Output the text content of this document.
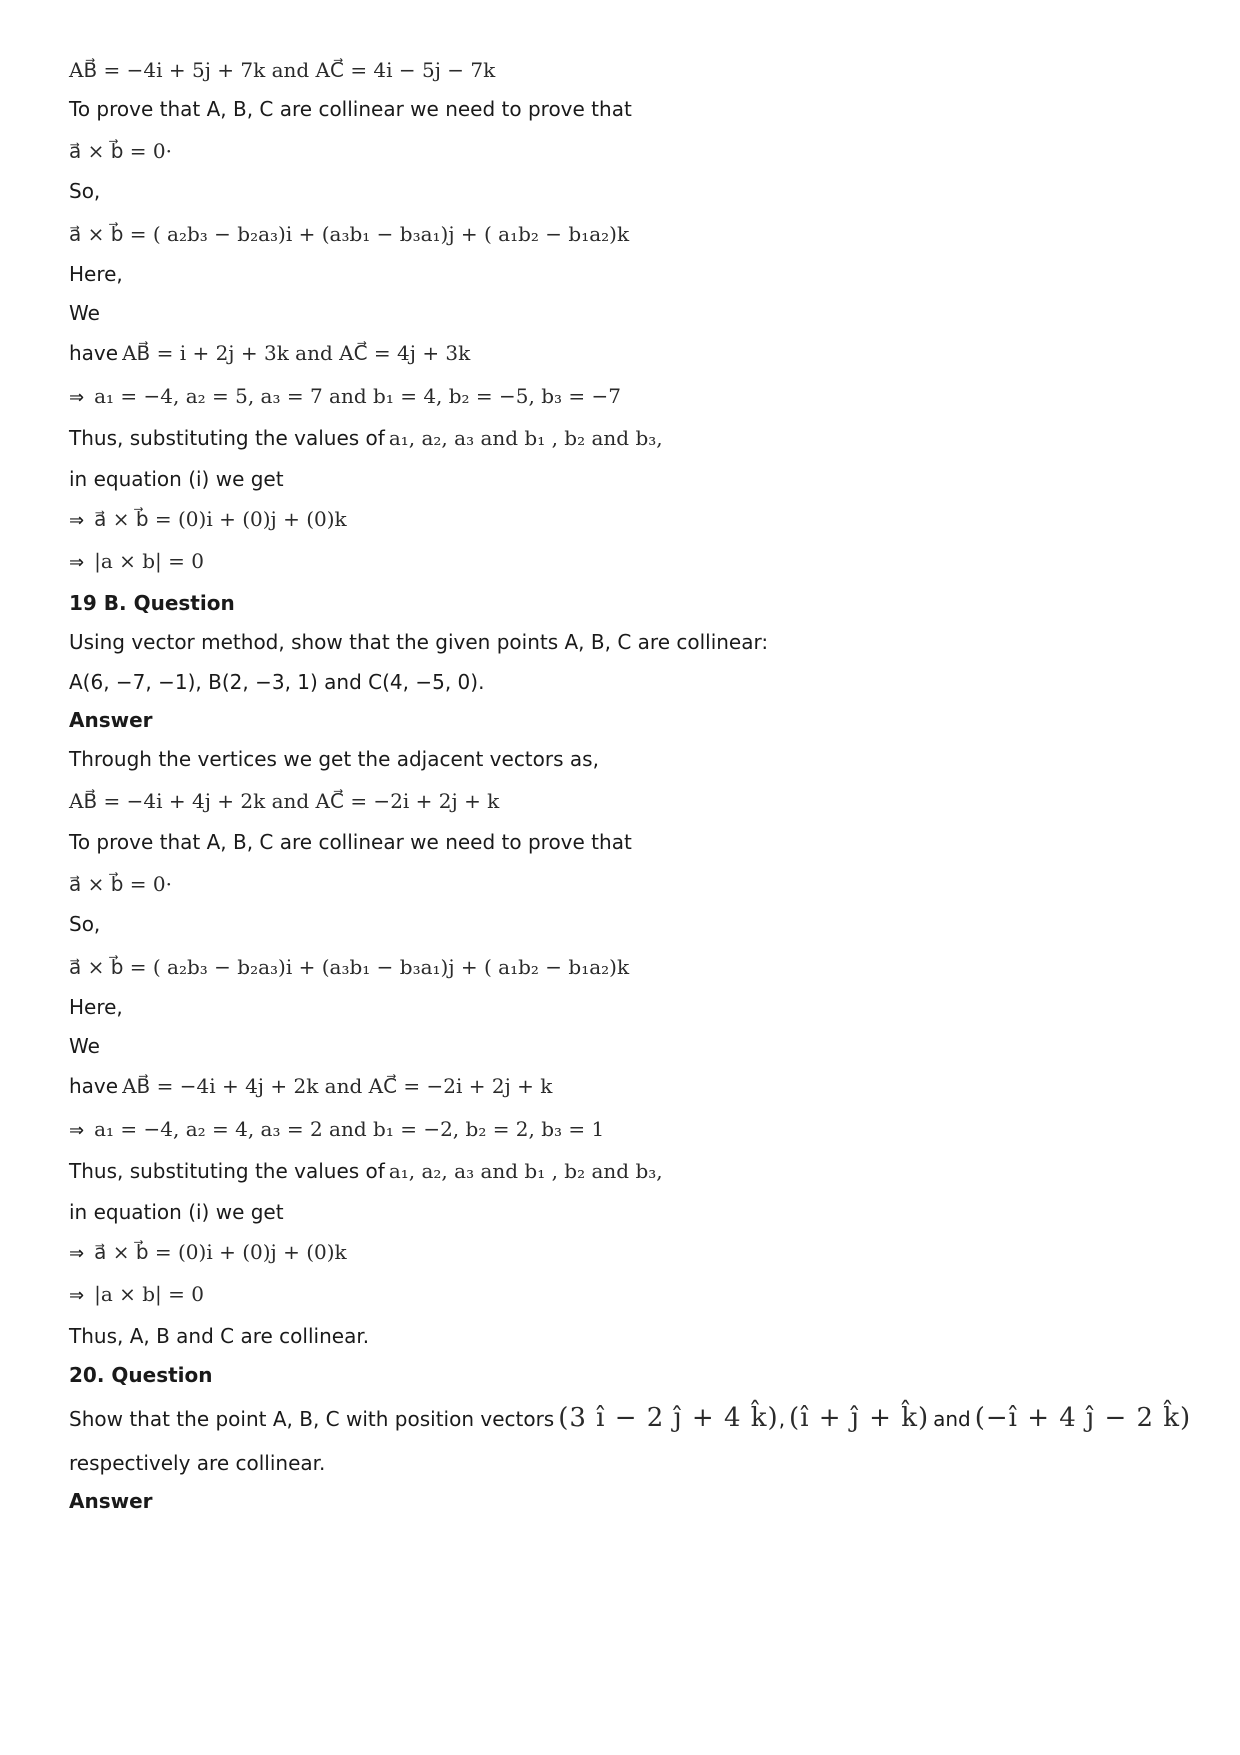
AB⃗ = −4i + 5j + 7k and AC⃗ = 4i − 5j − 7k
To prove that A, B, C are collinear we need to prove that
a⃗ × b⃗ = 0·
So,
a⃗ × b⃗ = ( a₂b₃ − b₂a₃)i + (a₃b₁ − b₃a₁)j + ( a₁b₂ − b₁a₂)k
Here,
We
have AB⃗ = i + 2j + 3k and AC⃗ = 4j + 3k
⇒ a₁ = −4, a₂ = 5, a₃ = 7 and b₁ = 4, b₂ = −5, b₃ = −7
Thus, substituting the values of a₁, a₂, a₃ and b₁ , b₂ and b₃,
in equation (i) we get
⇒ a⃗ × b⃗ = (0)i + (0)j + (0)k
⇒ |a × b| = 0
19 B. Question
Using vector method, show that the given points A, B, C are collinear:
A(6, −7, −1), B(2, −3, 1) and C(4, −5, 0).
Answer
Through the vertices we get the adjacent vectors as,
AB⃗ = −4i + 4j + 2k and AC⃗ = −2i + 2j + k
To prove that A, B, C are collinear we need to prove that
a⃗ × b⃗ = 0·
So,
a⃗ × b⃗ = ( a₂b₃ − b₂a₃)i + (a₃b₁ − b₃a₁)j + ( a₁b₂ − b₁a₂)k
Here,
We
have AB⃗ = −4i + 4j + 2k and AC⃗ = −2i + 2j + k
⇒ a₁ = −4, a₂ = 4, a₃ = 2 and b₁ = −2, b₂ = 2, b₃ = 1
Thus, substituting the values of a₁, a₂, a₃ and b₁ , b₂ and b₃,
in equation (i) we get
⇒ a⃗ × b⃗ = (0)i + (0)j + (0)k
⇒ |a × b| = 0
Thus, A, B and C are collinear.
20. Question
Show that the point A, B, C with position vectors (3 î − 2 ĵ + 4 k̂), (î + ĵ + k̂) and (−î + 4 ĵ − 2 k̂)
respectively are collinear.
Answer
